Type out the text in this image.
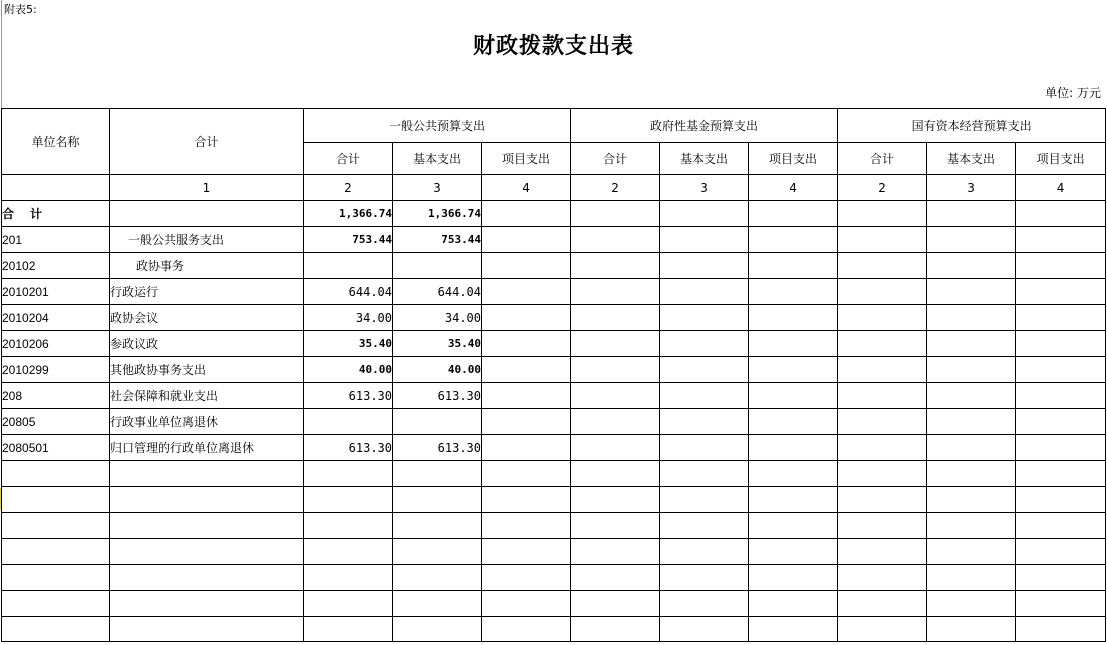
附表5:
财政拨款支出表
单位: 万元
单位名称	合计	一般公共预算支出			政府性基金预算支出			国有资本经营预算支出		
		合计	基本支出	项目支出	合计	基本支出	项目支出	合计	基本支出	项目支出
	1	2	3	4	2	3	4	2	3	4
合　计		1,366.74	1,366.74							
201	一般公共服务支出	753.44	753.44							
20102	政协事务									
2010201	行政运行	644.04	644.04							
2010204	政协会议	34.00	34.00							
2010206	参政议政	35.40	35.40							
2010299	其他政协事务支出	40.00	40.00							
208	社会保障和就业支出	613.30	613.30							
20805	行政事业单位离退休									
2080501	归口管理的行政单位离退休	613.30	613.30							
